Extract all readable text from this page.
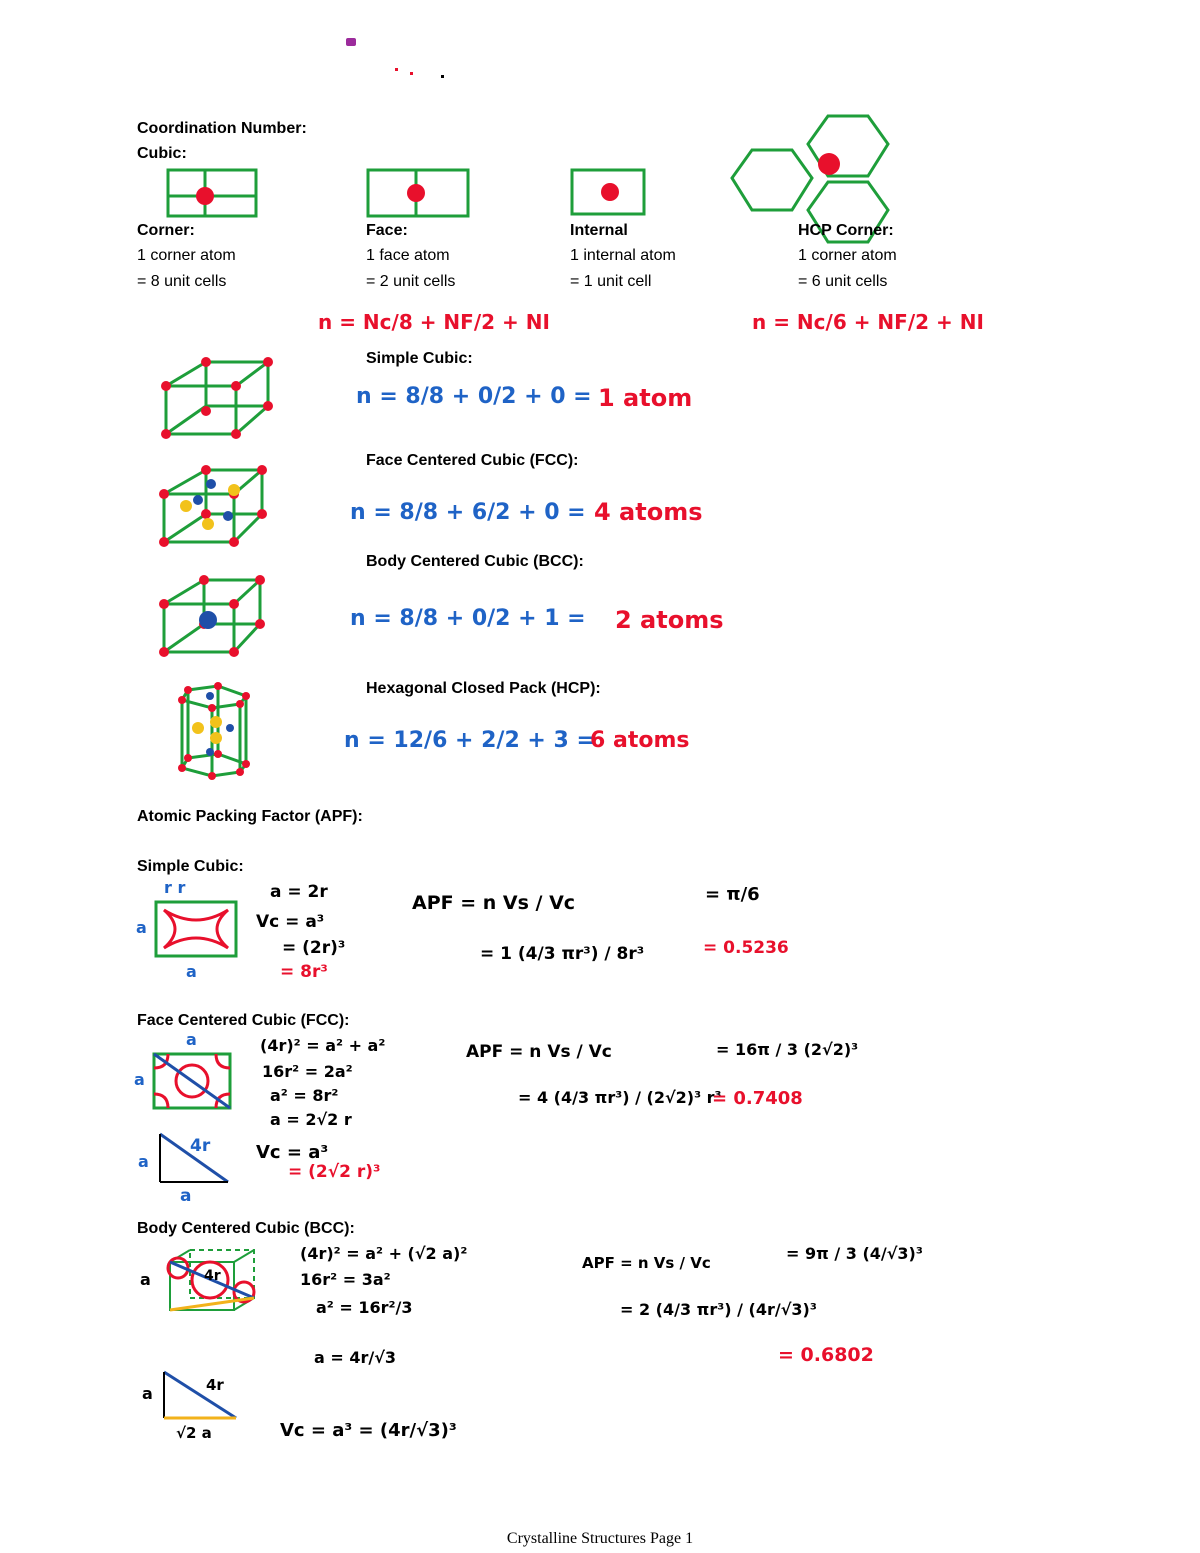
Coordination Number:
Cubic:
Corner:
1 corner atom
= 8 unit cells
Face:
1 face atom
= 2 unit cells
Internal
1 internal atom
= 1 unit cell
HCP Corner:
1 corner atom
= 6 unit cells
n = Nc/8 + NF/2 + NI	n = Nc/6 + NF/2 + NI
Simple Cubic:
n = 8/8 + 0/2 + 0 = 1 atom
Face Centered Cubic (FCC):
n = 8/8 + 6/2 + 0 = 4 atoms
Body Centered Cubic (BCC):
n = 8/8 + 0/2 + 1 = 2 atoms
Hexagonal Closed Pack (HCP):
n = 12/6 + 2/2 + 3 =
6 atoms
Atomic Packing Factor (APF):
Simple Cubic:
r r
a
a
a = 2r
Vc = a³
= (2r)³
= 8r³
APF = n Vs / Vc
= 1 (4/3 πr³) / 8r³
= π/6
= 0.5236
Face Centered Cubic (FCC):
a
a
4r
a
a
(4r)² = a² + a²
16r² = 2a²
a² = 8r²
a = 2√2 r
Vc = a³
= (2√2 r)³
APF = n Vs / Vc
= 4 (4/3 πr³) / (2√2)³ r³
= 16π / 3 (2√2)³
= 0.7408
Body Centered Cubic (BCC):
a	4r
4r
a
√2 a
(4r)² = a² + (√2 a)²
16r² = 3a²
a² = 16r²/3
a = 4r/√3
Vc = a³ = (4r/√3)³
APF = n Vs / Vc
= 2 (4/3 πr³) / (4r/√3)³
= 9π / 3 (4/√3)³
= 0.6802
Crystalline Structures Page 1
